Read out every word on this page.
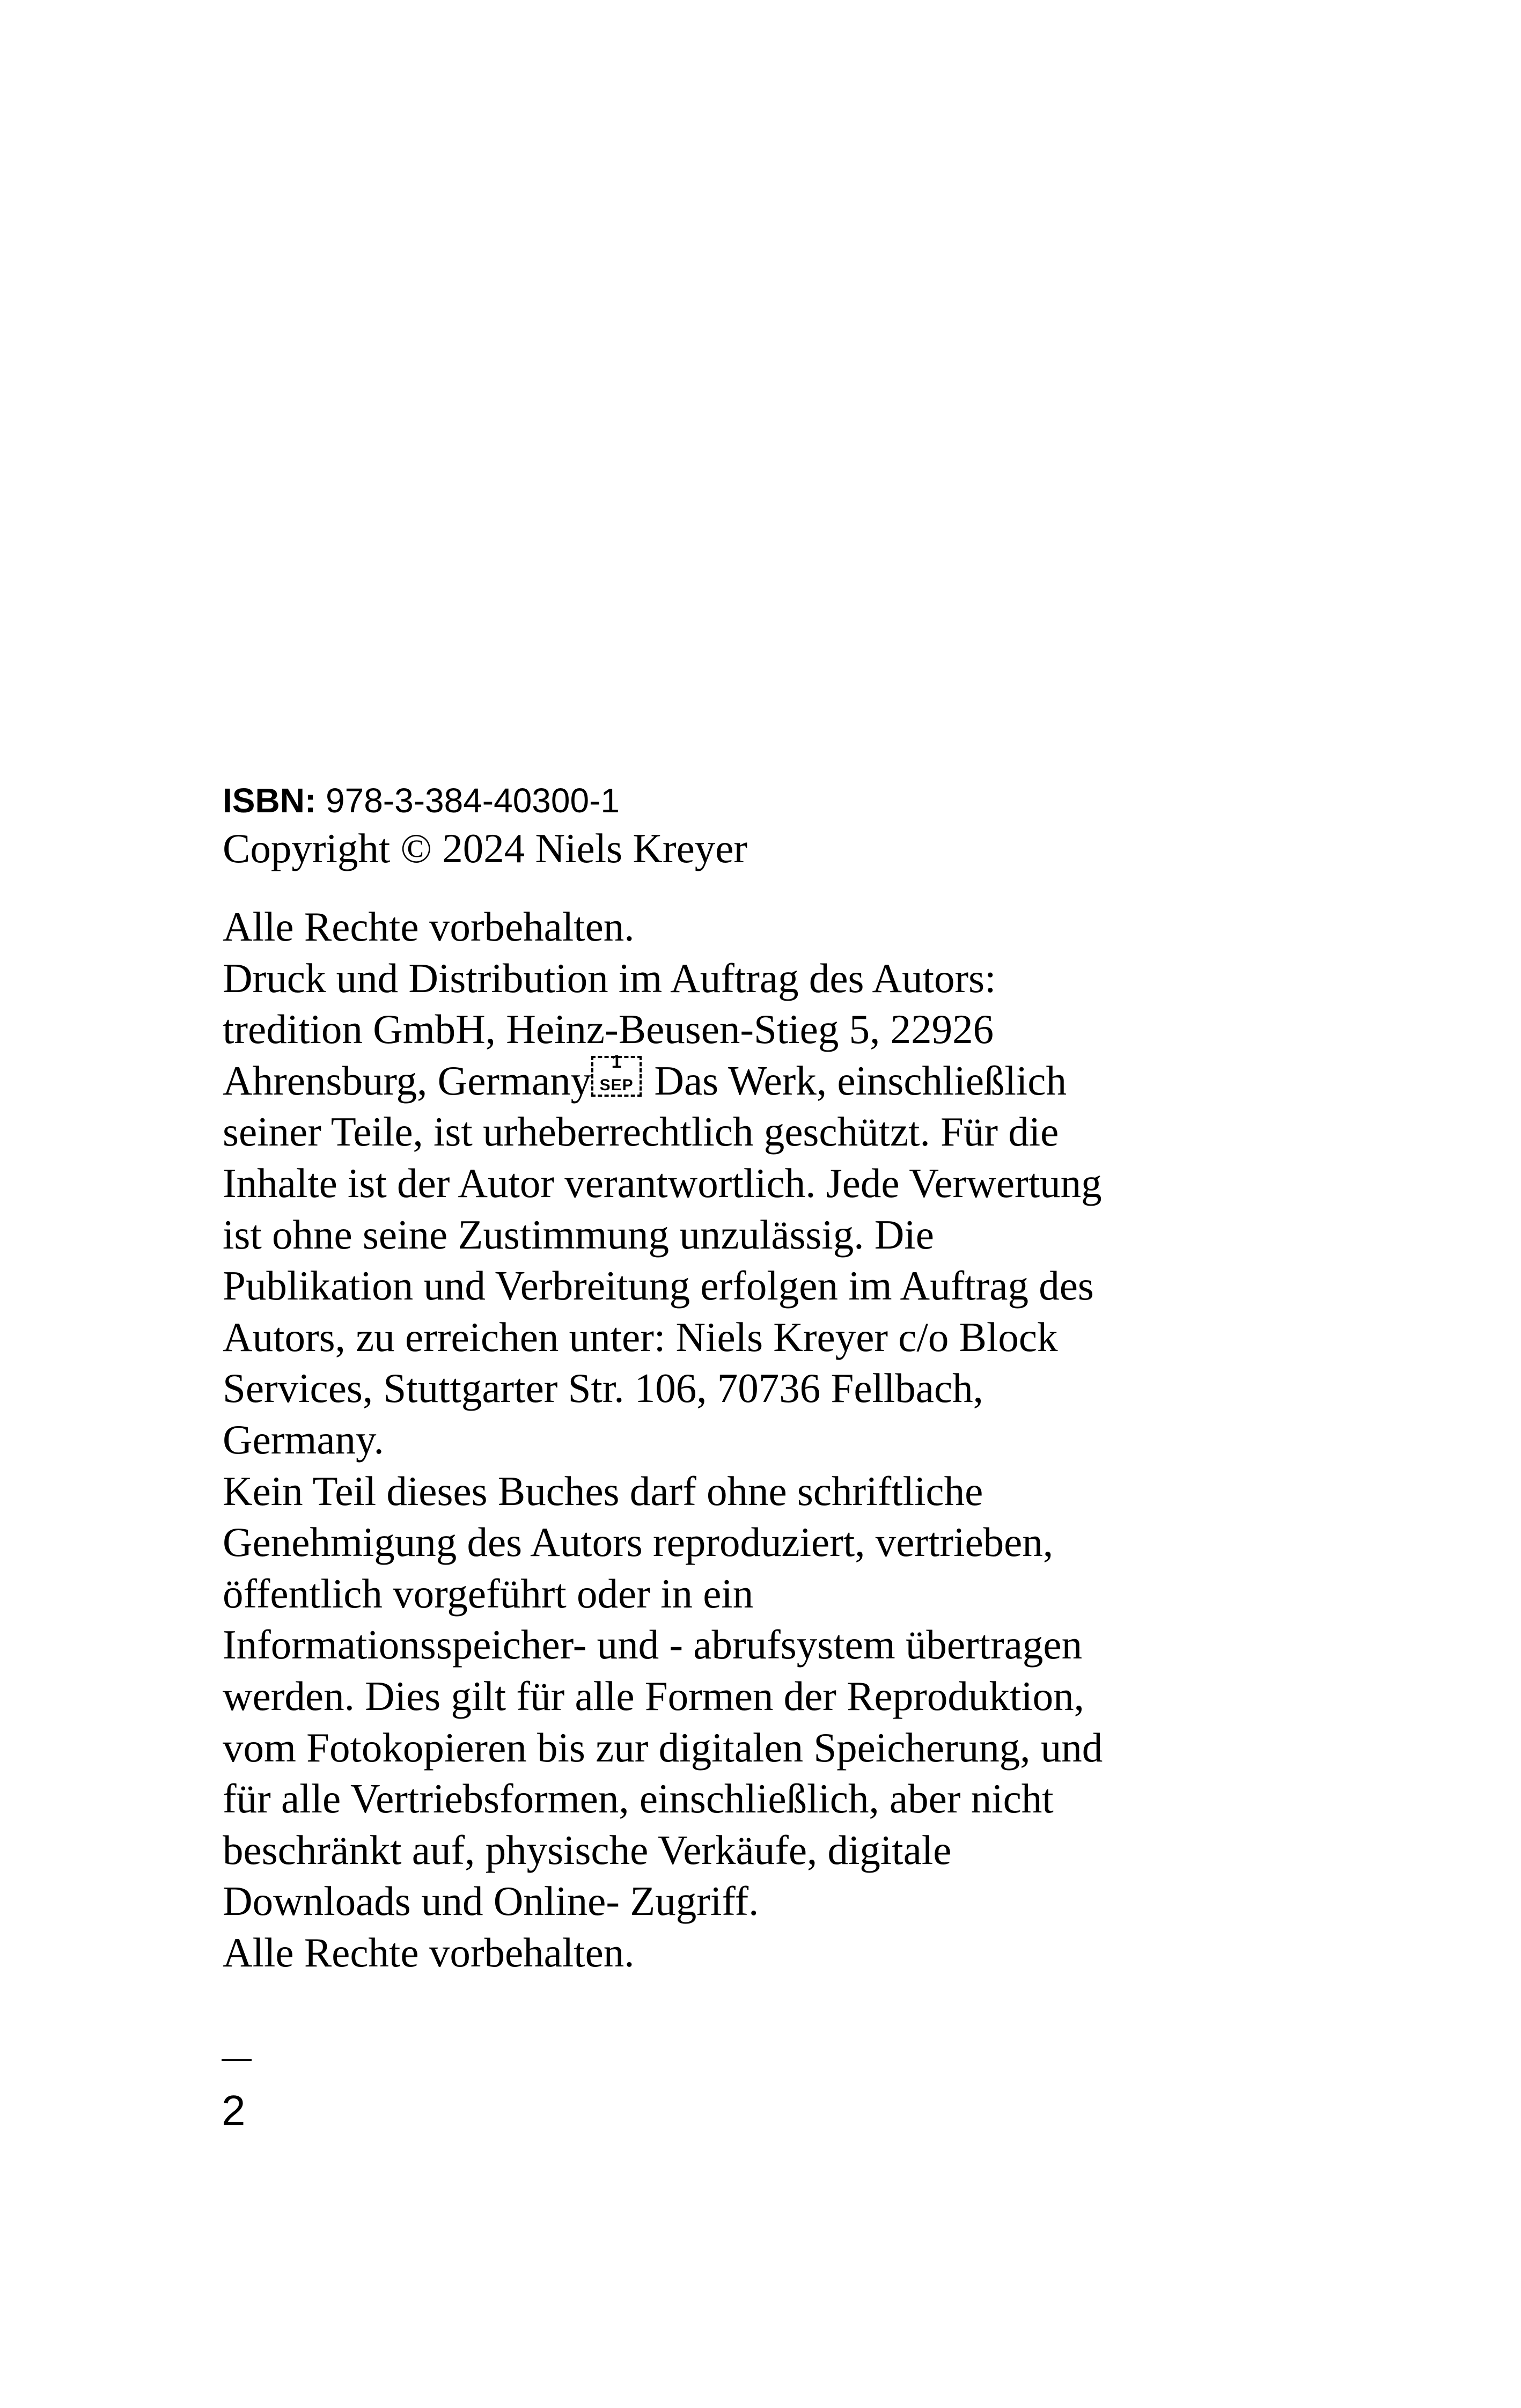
ISBN: 978-3-384-40300-1
Copyright © 2024 Niels Kreyer
Alle Rechte vorbehalten.
Druck und Distribution im Auftrag des Autors:
tredition GmbH, Heinz-Beusen-Stieg 5, 22926
Ahrensburg, Germany	1
SEP Das Werk, einschließlich
seiner Teile, ist urheberrechtlich geschützt. Für die
Inhalte ist der Autor verantwortlich. Jede Verwertung
ist ohne seine Zustimmung unzulässig. Die
Publikation und Verbreitung erfolgen im Auftrag des
Autors, zu erreichen unter: Niels Kreyer c/o Block
Services, Stuttgarter Str. 106, 70736 Fellbach,
Germany.
Kein Teil dieses Buches darf ohne schriftliche
Genehmigung des Autors reproduziert, vertrieben,
öffentlich vorgeführt oder in ein
Informationsspeicher- und - abrufsystem übertragen
werden. Dies gilt für alle Formen der Reproduktion,
vom Fotokopieren bis zur digitalen Speicherung, und
für alle Vertriebsformen, einschließlich, aber nicht
beschränkt auf, physische Verkäufe, digitale
Downloads und Online- Zugriff.
Alle Rechte vorbehalten.
2
